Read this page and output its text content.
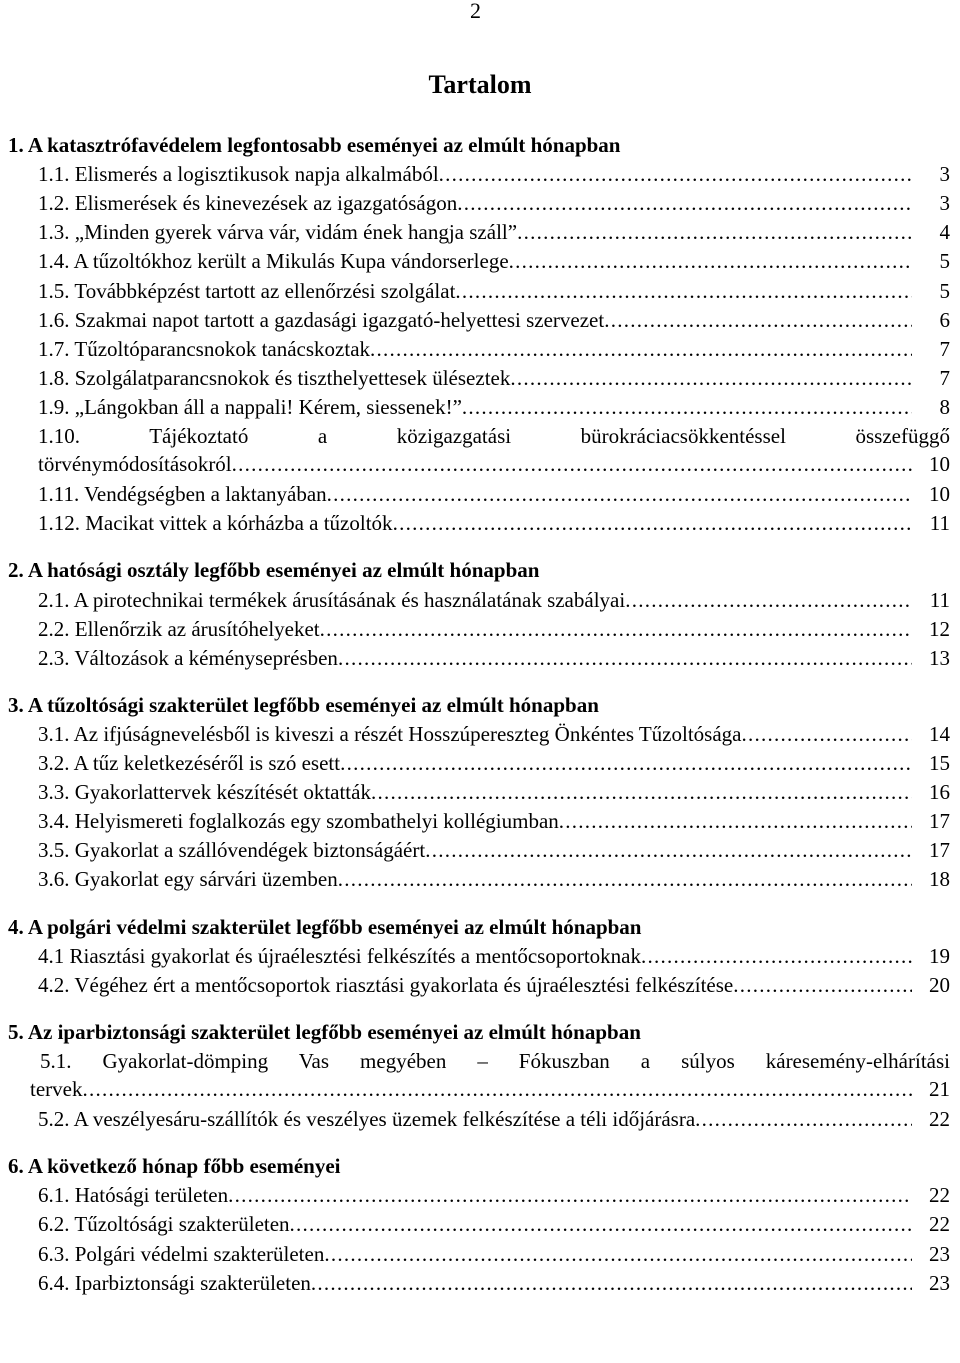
2
Tartalom
1. A katasztrófavédelem legfontosabb eseményei az elmúlt hónapban
1.1. Elismerés a logisztikusok napja alkalmából . . .	3
1.2. Elismerések és kinevezések az igazgatóságon . . .	3
1.3. „Minden gyerek várva vár, vidám ének hangja száll” . . .	4
1.4. A tűzoltókhoz került a Mikulás Kupa vándorserlege . . .	5
1.5. Továbbképzést tartott az ellenőrzési szolgálat . . .	5
1.6. Szakmai napot tartott a gazdasági igazgató-helyettesi szervezet . . .	6
1.7. Tűzoltóparancsnokok tanácskoztak . . .	7
1.8. Szolgálatparancsnokok és tiszthelyettesek üléseztek . . .	7
1.9. „Lángokban áll a nappali! Kérem, siessenek!” . . .	8
1.10. Tájékoztató a közigazgatási bürokráciacsökkentéssel összefüggő
törvénymódosításokról . . .	10
1.11. Vendégségben a laktanyában . . .	10
1.12. Macikat vittek a kórházba a tűzoltók . . .	11
2. A hatósági osztály legfőbb eseményei az elmúlt hónapban
2.1. A pirotechnikai termékek árusításának és használatának szabályai . . .	11
2.2. Ellenőrzik az árusítóhelyeket . . .	12
2.3. Változások a kéményseprésben . . .	13
3. A tűzoltósági szakterület legfőbb eseményei az elmúlt hónapban
3.1. Az ifjúságnevelésből is kiveszi a részét Hosszúpereszteg Önkéntes Tűzoltósága . . .	14
3.2. A tűz keletkezéséről is szó esett . . .	15
3.3. Gyakorlattervek készítését oktatták . . .	16
3.4. Helyismereti foglalkozás egy szombathelyi kollégiumban . . .	17
3.5. Gyakorlat a szállóvendégek biztonságáért . . .	17
3.6. Gyakorlat egy sárvári üzemben . . .	18
4. A polgári védelmi szakterület legfőbb eseményei az elmúlt hónapban
4.1 Riasztási gyakorlat és újraélesztési felkészítés a mentőcsoportoknak . . .	19
4.2. Végéhez ért a mentőcsoportok riasztási gyakorlata és újraélesztési felkészítése . . .	20
5. Az iparbiztonsági szakterület legfőbb eseményei az elmúlt hónapban
5.1. Gyakorlat-dömping Vas megyében – Fókuszban a súlyos káresemény-elhárítási
tervek . . .	21
5.2. A veszélyesáru-szállítók és veszélyes üzemek felkészítése a téli időjárásra . . .	22
6. A következő hónap főbb eseményei
6.1. Hatósági területen . . .	22
6.2. Tűzoltósági szakterületen . . .	22
6.3. Polgári védelmi szakterületen . . .	23
6.4. Iparbiztonsági szakterületen . . .	23
